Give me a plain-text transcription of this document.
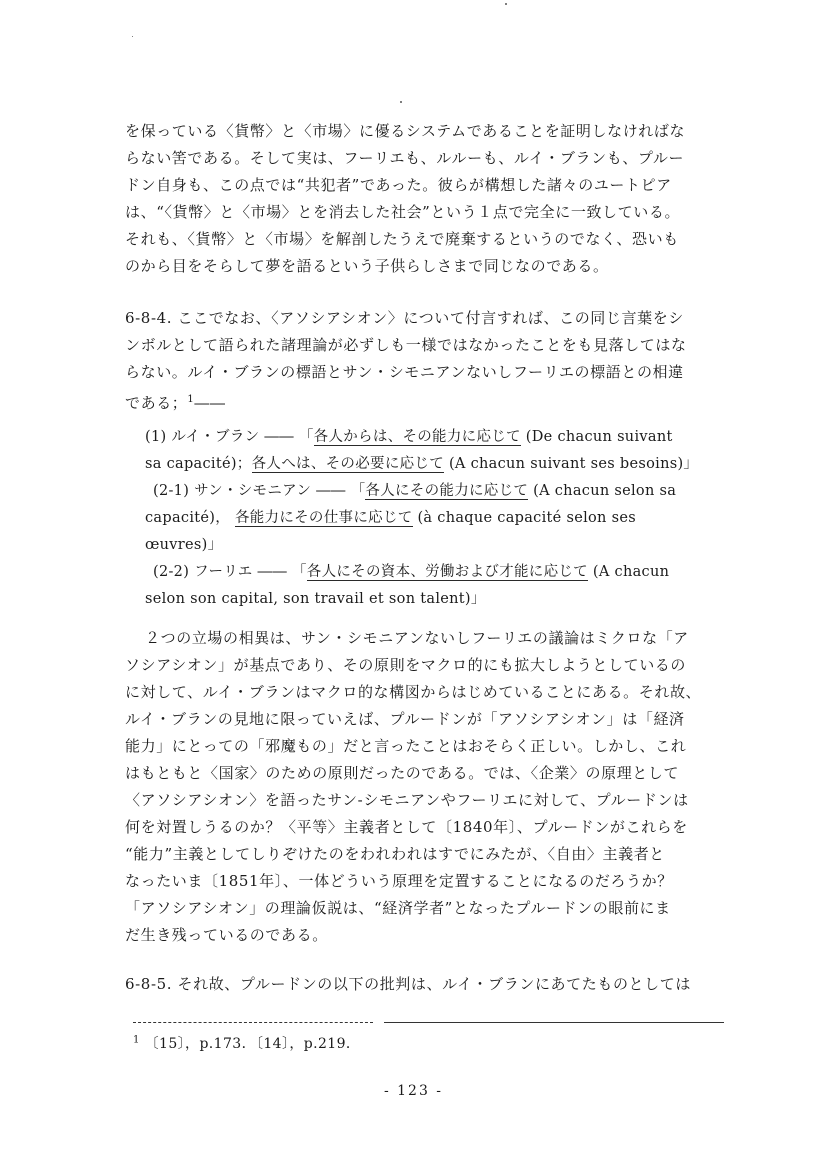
を保っている〈貨幣〉と〈市場〉に優るシステムであることを証明しなければな
らない筈である。そして実は、フーリエも、ルルーも、ルイ・ブランも、プルー
ドン自身も、この点では“共犯者”であった。彼らが構想した諸々のユートピア
は、“〈貨幣〉と〈市場〉とを消去した社会”という１点で完全に一致している。
それも、〈貨幣〉と〈市場〉を解剖したうえで廃棄するというのでなく、恐いも
のから目をそらして夢を語るという子供らしさまで同じなのである。
6-8-4. ここでなお、〈アソシアシオン〉について付言すれば、この同じ言葉をシ
ンボルとして語られた諸理論が必ずしも一様ではなかったことをも見落してはな
らない。ルイ・ブランの標語とサン・シモニアンないしフーリエの標語との相違
である；$^1$――
(1) ルイ・ブラン ―― 「各人からは、その能力に応じて (De chacun suivant
sa capacité)；各人へは、その必要に応じて (A chacun suivant ses besoins)」
(2-1) サン・シモニアン ―― 「各人にその能力に応じて (A chacun selon sa
capacité)， 各能力にその仕事に応じて (à chaque capacité selon ses
œuvres)」
(2-2) フーリエ ―― 「各人にその資本、労働および才能に応じて (A chacun
selon son capital, son travail et son talent)」
２つの立場の相異は、サン・シモニアンないしフーリエの議論はミクロな「ア
ソシアシオン」が基点であり、その原則をマクロ的にも拡大しようとしているの
に対して、ルイ・ブランはマクロ的な構図からはじめていることにある。それ故、
ルイ・ブランの見地に限っていえば、プルードンが「アソシアシオン」は「経済
能力」にとっての「邪魔もの」だと言ったことはおそらく正しい。しかし、これ
はもともと〈国家〉のための原則だったのである。では、〈企業〉の原理として
〈アソシアシオン〉を語ったサン-シモニアンやフーリエに対して、プルードンは
何を対置しうるのか？〈平等〉主義者として〔1840年〕、プルードンがこれらを
“能力”主義としてしりぞけたのをわれわれはすでにみたが、〈自由〉主義者と
なったいま〔1851年〕、一体どういう原理を定置することになるのだろうか？
「アソシアシオン」の理論仮説は、“経済学者”となったプルードンの眼前にま
だ生き残っているのである。
6-8-5. それ故、プルードンの以下の批判は、ルイ・ブランにあてたものとしては
$^1$ 〔15〕，p.173．〔14〕，p.219．
- 123 -
